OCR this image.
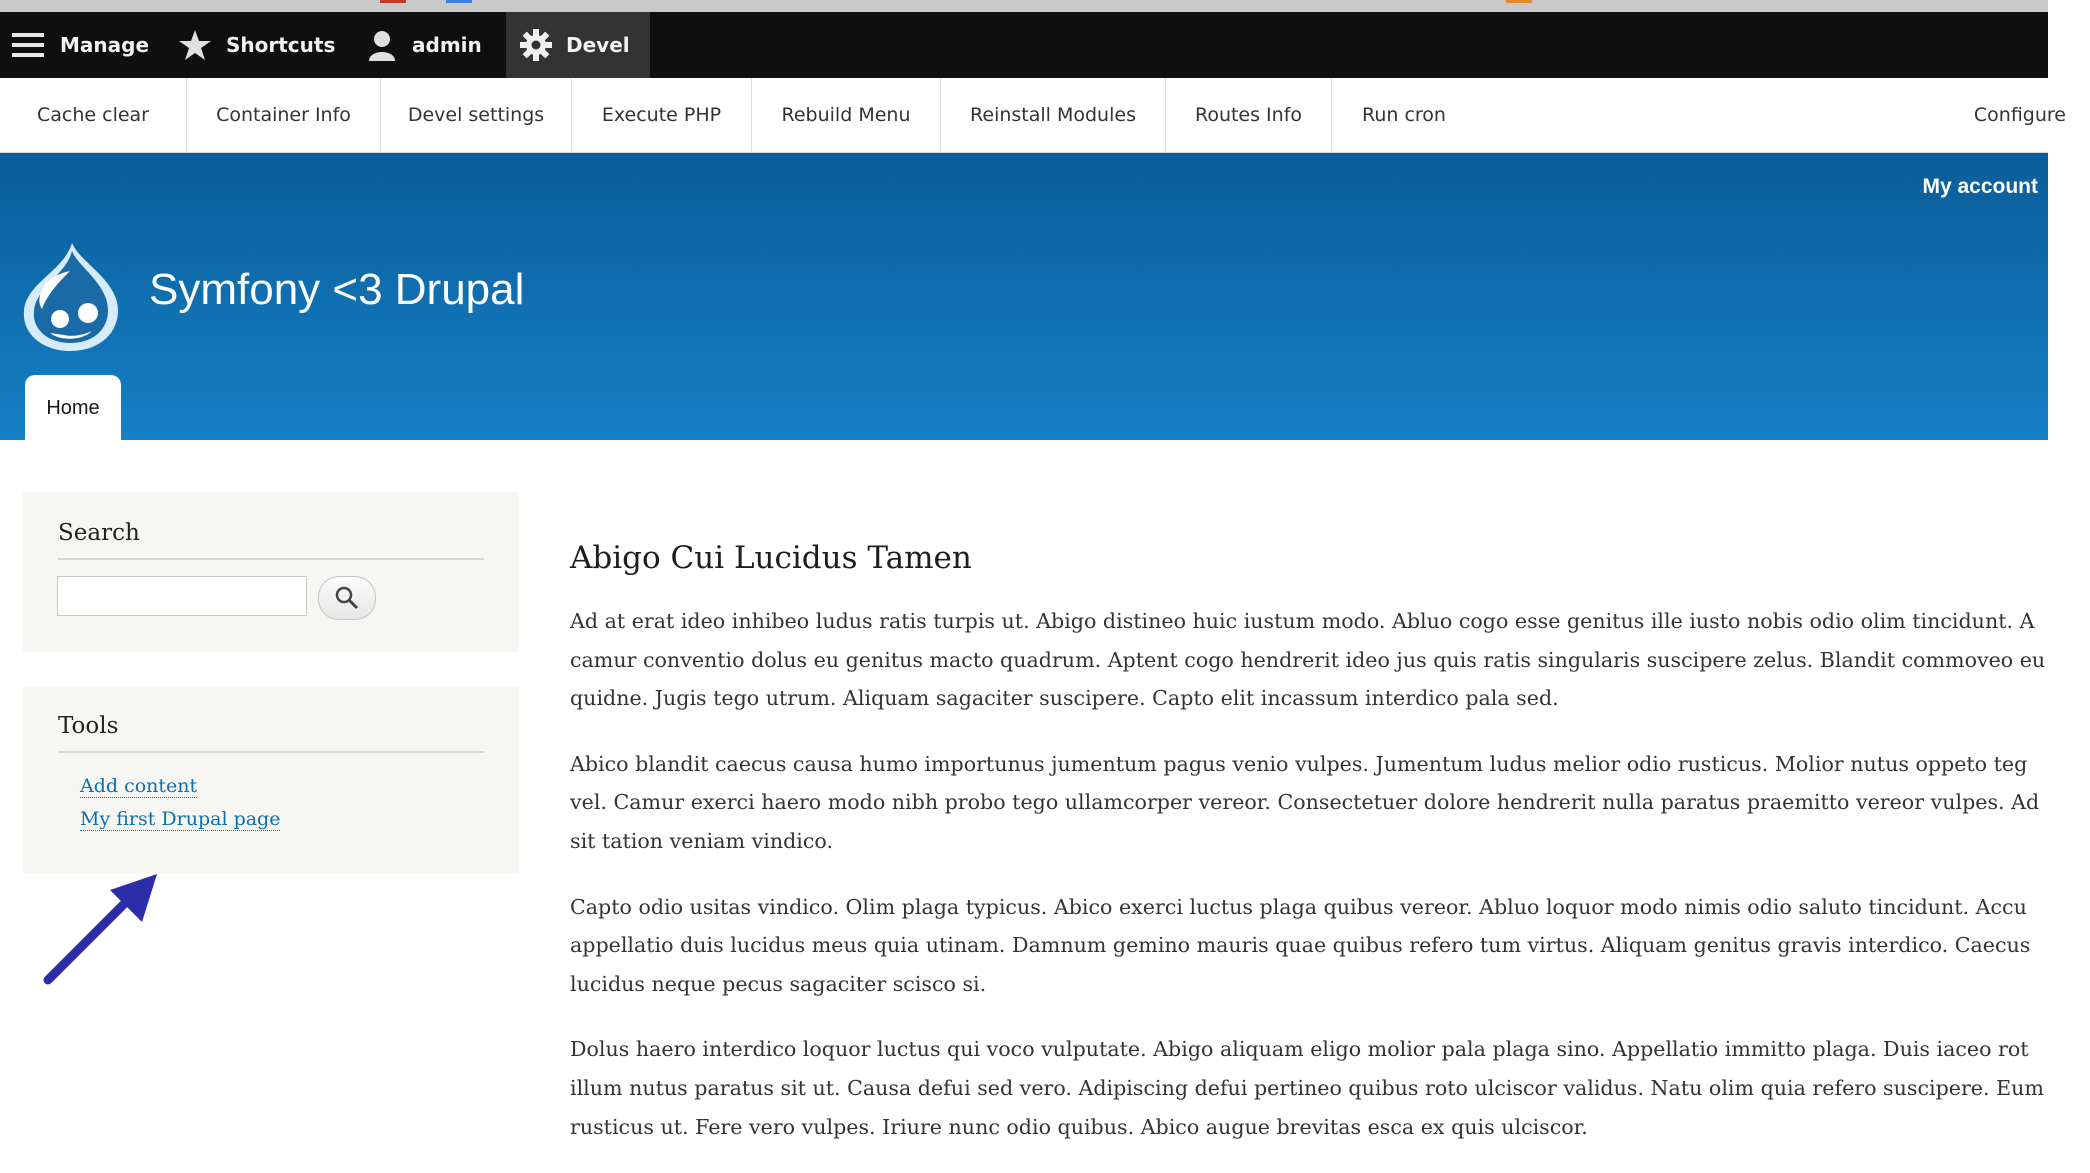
Manage	Shortcuts	admin	Devel
Cache clear	Container Info	Devel settings	Execute PHP	Rebuild Menu	Reinstall Modules	Routes Info	Run cron	Configure
My account
Symfony <3 Drupal
Home
Search
Tools
Add content
My first Drupal page
Abigo Cui Lucidus Tamen

Ad at erat ideo inhibeo ludus ratis turpis ut. Abigo distineo huic iustum modo. Abluo cogo esse genitus ille iusto nobis odio olim tincidunt. A
camur conventio dolus eu genitus macto quadrum. Aptent cogo hendrerit ideo jus quis ratis singularis suscipere zelus. Blandit commoveo eu
quidne. Jugis tego utrum. Aliquam sagaciter suscipere. Capto elit incassum interdico pala sed.

Abico blandit caecus causa humo importunus jumentum pagus venio vulpes. Jumentum ludus melior odio rusticus. Molior nutus oppeto teg
vel. Camur exerci haero modo nibh probo tego ullamcorper vereor. Consectetuer dolore hendrerit nulla paratus praemitto vereor vulpes. Ad
sit tation veniam vindico.

Capto odio usitas vindico. Olim plaga typicus. Abico exerci luctus plaga quibus vereor. Abluo loquor modo nimis odio saluto tincidunt. Accu
appellatio duis lucidus meus quia utinam. Damnum gemino mauris quae quibus refero tum virtus. Aliquam genitus gravis interdico. Caecus
lucidus neque pecus sagaciter scisco si.

Dolus haero interdico loquor luctus qui voco vulputate. Abigo aliquam eligo molior pala plaga sino. Appellatio immitto plaga. Duis iaceo rot
illum nutus paratus sit ut. Causa defui sed vero. Adipiscing defui pertineo quibus roto ulciscor validus. Natu olim quia refero suscipere. Eum
rusticus ut. Fere vero vulpes. Iriure nunc odio quibus. Abico augue brevitas esca ex quis ulciscor.
